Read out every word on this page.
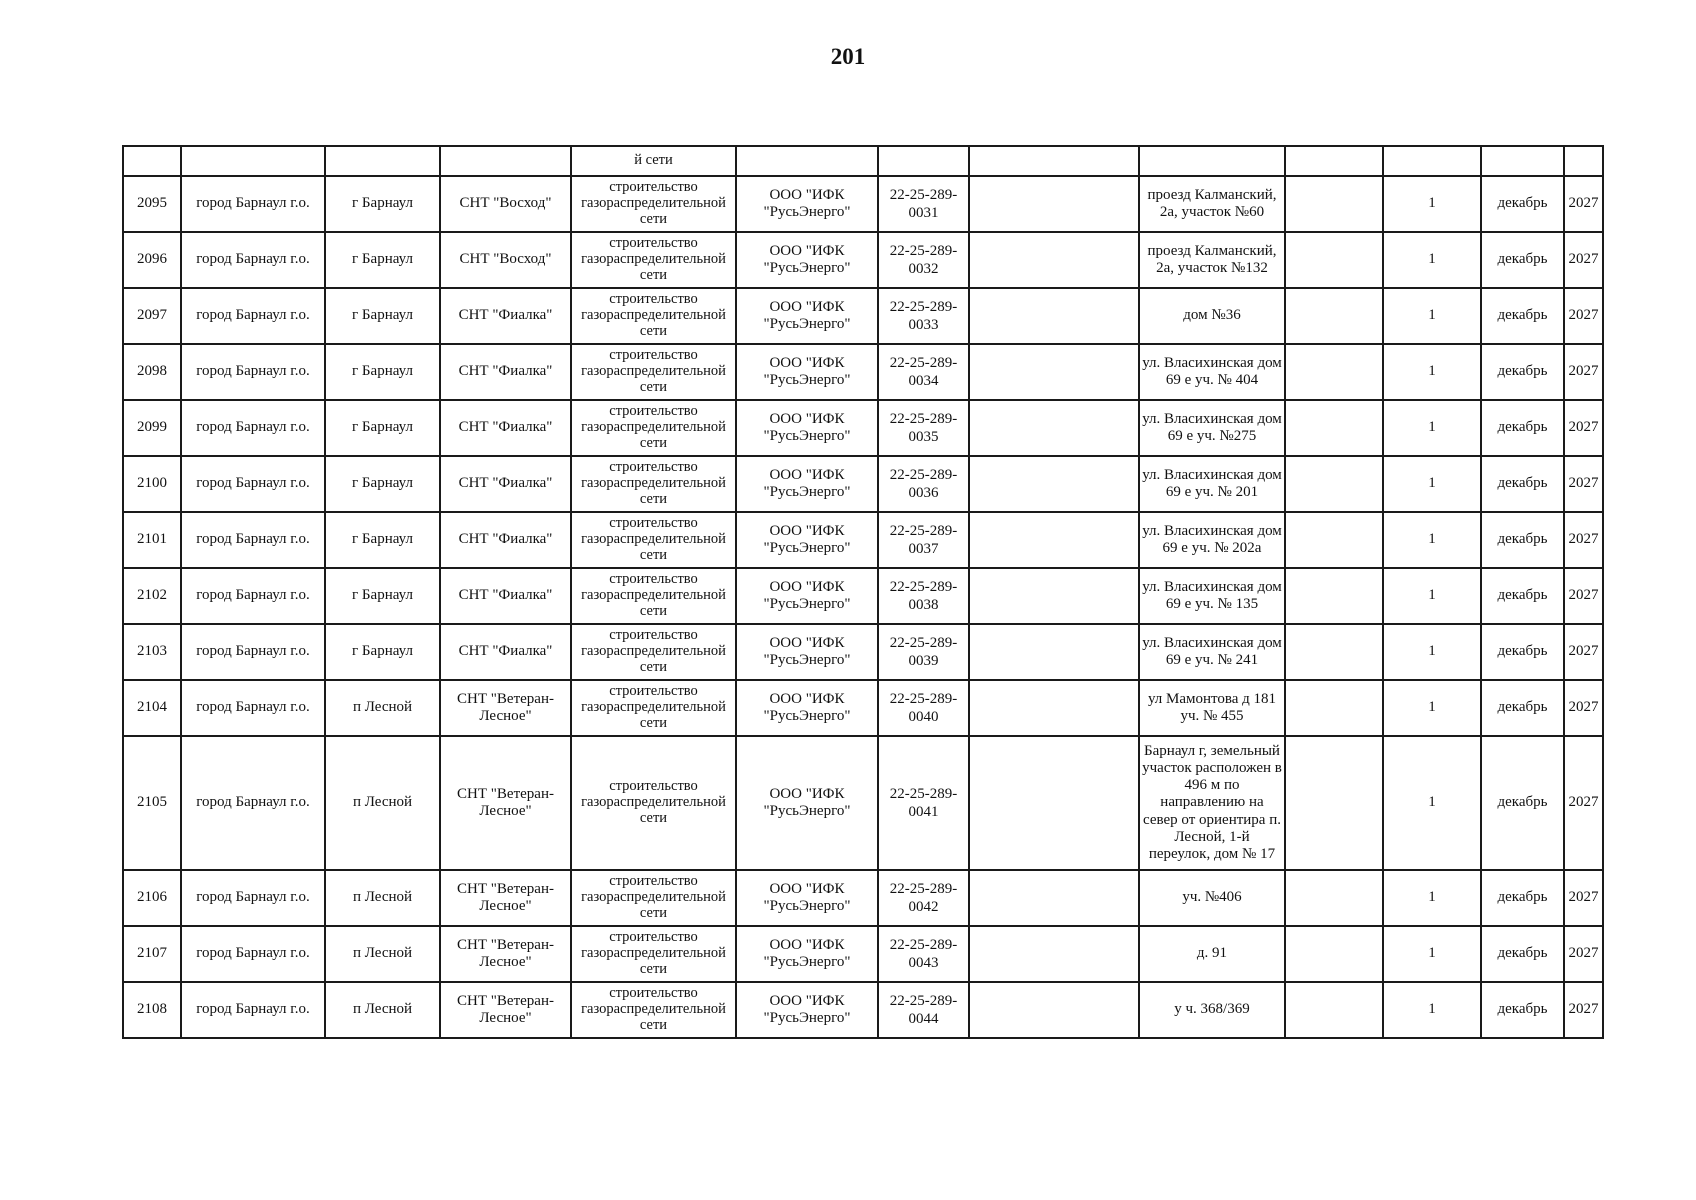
201
				й сети								
2095	город Барнаул г.о.	г Барнаул	СНТ "Восход"	строительство газораспределительной сети	ООО "ИФК "РусьЭнерго"	22-25-289-0031		проезд Калманский, 2а, участок №60		1	декабрь	2027
2096	город Барнаул г.о.	г Барнаул	СНТ "Восход"	строительство газораспределительной сети	ООО "ИФК "РусьЭнерго"	22-25-289-0032		проезд Калманский, 2а, участок №132		1	декабрь	2027
2097	город Барнаул г.о.	г Барнаул	СНТ "Фиалка"	строительство газораспределительной сети	ООО "ИФК "РусьЭнерго"	22-25-289-0033		дом №36		1	декабрь	2027
2098	город Барнаул г.о.	г Барнаул	СНТ "Фиалка"	строительство газораспределительной сети	ООО "ИФК "РусьЭнерго"	22-25-289-0034		ул. Власихинская дом 69 е уч. № 404		1	декабрь	2027
2099	город Барнаул г.о.	г Барнаул	СНТ "Фиалка"	строительство газораспределительной сети	ООО "ИФК "РусьЭнерго"	22-25-289-0035		ул. Власихинская дом 69 е уч. №275		1	декабрь	2027
2100	город Барнаул г.о.	г Барнаул	СНТ "Фиалка"	строительство газораспределительной сети	ООО "ИФК "РусьЭнерго"	22-25-289-0036		ул. Власихинская дом 69 е уч. № 201		1	декабрь	2027
2101	город Барнаул г.о.	г Барнаул	СНТ "Фиалка"	строительство газораспределительной сети	ООО "ИФК "РусьЭнерго"	22-25-289-0037		ул. Власихинская дом 69 е уч. № 202а		1	декабрь	2027
2102	город Барнаул г.о.	г Барнаул	СНТ "Фиалка"	строительство газораспределительной сети	ООО "ИФК "РусьЭнерго"	22-25-289-0038		ул. Власихинская дом 69 е уч. № 135		1	декабрь	2027
2103	город Барнаул г.о.	г Барнаул	СНТ "Фиалка"	строительство газораспределительной сети	ООО "ИФК "РусьЭнерго"	22-25-289-0039		ул. Власихинская дом 69 е уч. № 241		1	декабрь	2027
2104	город Барнаул г.о.	п Лесной	СНТ "Ветеран-Лесное"	строительство газораспределительной сети	ООО "ИФК "РусьЭнерго"	22-25-289-0040		ул Мамонтова д 181 уч. № 455		1	декабрь	2027
2105	город Барнаул г.о.	п Лесной	СНТ "Ветеран-Лесное"	строительство газораспределительной сети	ООО "ИФК "РусьЭнерго"	22-25-289-0041		Барнаул г, земельный участок расположен в 496 м по направлению на север от ориентира п. Лесной, 1-й переулок, дом № 17		1	декабрь	2027
2106	город Барнаул г.о.	п Лесной	СНТ "Ветеран-Лесное"	строительство газораспределительной сети	ООО "ИФК "РусьЭнерго"	22-25-289-0042		уч. №406		1	декабрь	2027
2107	город Барнаул г.о.	п Лесной	СНТ "Ветеран-Лесное"	строительство газораспределительной сети	ООО "ИФК "РусьЭнерго"	22-25-289-0043		д. 91		1	декабрь	2027
2108	город Барнаул г.о.	п Лесной	СНТ "Ветеран-Лесное"	строительство газораспределительной сети	ООО "ИФК "РусьЭнерго"	22-25-289-0044		у ч. 368/369		1	декабрь	2027
